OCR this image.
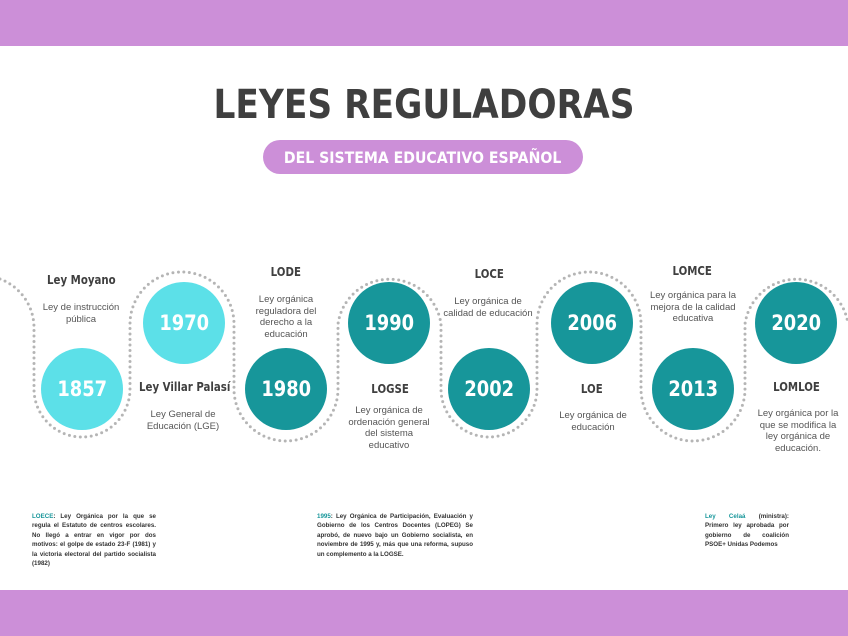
LEYES REGULADORAS
DEL SISTEMA EDUCATIVO ESPAÑOL
1857
1970
1980
1990
2002
2006
2013
2020
Ley Moyano
Ley Villar Palasí
LODE
LOGSE
LOCE
LOE
LOMCE
LOMLOE
Ley de instrucción pública
Ley General de Educación (LGE)
Ley orgánica reguladora del derecho a la educación
Ley orgánica de ordenación general del sistema educativo
Ley orgánica de calidad de educación
Ley orgánica de educación
Ley orgánica para la mejora de la calidad educativa
Ley orgánica por la que se modifica la ley orgánica de educación.
LOECE: Ley Orgánica por la que se regula el Estatuto de centros escolares. No llegó a entrar en vigor por dos motivos: el golpe de estado 23-F (1981) y la victoria electoral del partido socialista (1982)
1995: Ley Orgánica de Participación, Evaluación y Gobierno de los Centros Docentes (LOPEG) Se aprobó, de nuevo bajo un Gobierno socialista, en noviembre de 1995 y, más que una reforma, supuso un complemento a la LOGSE.
Ley Celaá (ministra): Primero ley aprobada por gobierno de coalición PSOE+ Unidas Podemos
